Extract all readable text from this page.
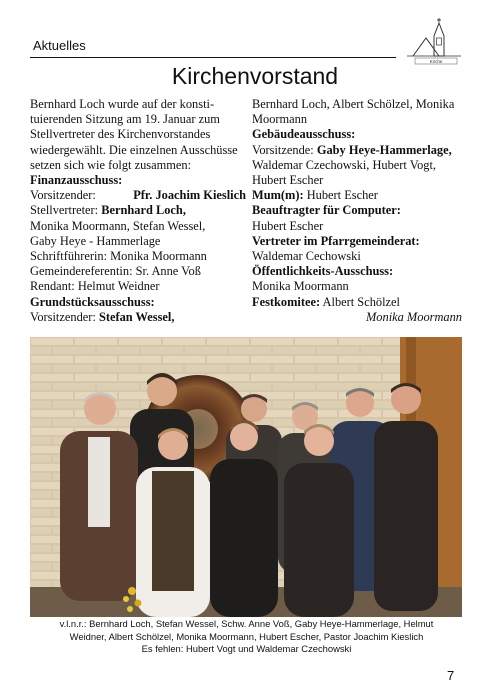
Aktuelles
Kirche
Kirchenvorstand
Bernhard Loch wurde auf der konsti-
tuierenden Sitzung am 19. Januar zum
Stellvertreter des Kirchenvorstandes
wiedergewählt. Die einzelnen Ausschüsse
setzen sich wie folgt zusammen:
Finanzausschuss:
Vorsitzender:	Pfr. Joachim Kieslich
Stellvertreter: Bernhard Loch,
Monika Moormann, Stefan Wessel,
Gaby Heye - Hammerlage
Schriftführerin: Monika Moormann
Gemeindereferentin: Sr. Anne Voß
Rendant: Helmut Weidner
Grundstücksausschuss:
Vorsitzender: Stefan Wessel,
Bernhard Loch, Albert Schölzel, Monika
Moormann
Gebäudeausschuss:
Vorsitzende: Gaby Heye-Hammerlage,
Waldemar Czechowski, Hubert Vogt,
Hubert Escher
Mum(m): Hubert Escher
Beauftragter für Computer:
Hubert Escher
Vertreter im Pfarrgemeinderat:
Waldemar Cechowski
Öffentlichkeits-Ausschuss:
Monika Moormann
Festkomitee: Albert Schölzel
Monika Moormann
v.l.n.r.: Bernhard Loch, Stefan Wessel, Schw. Anne Voß, Gaby Heye-Hammerlage, Helmut
Weidner, Albert Schölzel, Monika Moormann, Hubert Escher, Pastor Joachim Kieslich
Es fehlen: Hubert Vogt und Waldemar Czechowski
7
